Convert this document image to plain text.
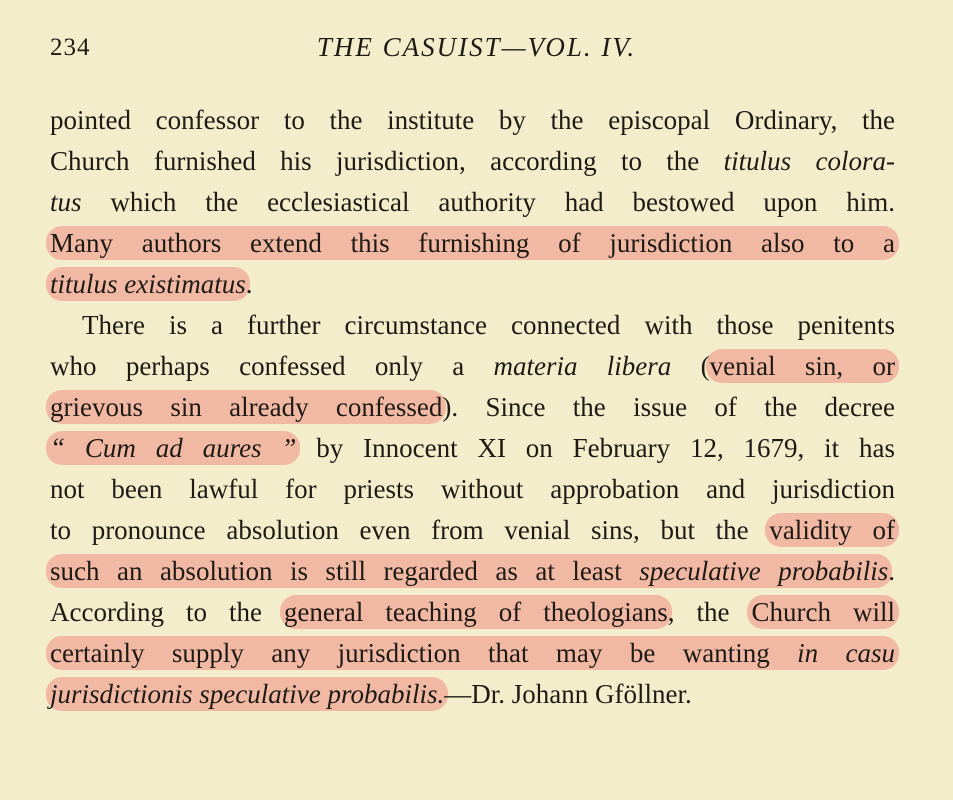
234	THE CASUIST—VOL. IV.
pointed confessor to the institute by the episcopal Ordinary, the
Church furnished his jurisdiction, according to the titulus colora-
tus which the ecclesiastical authority had bestowed upon him.
Many authors extend this furnishing of jurisdiction also to a
titulus existimatus.
There is a further circumstance connected with those penitents
who perhaps confessed only a materia libera (venial sin, or
grievous sin already confessed). Since the issue of the decree
“ Cum ad aures ” by Innocent XI on February 12, 1679, it has
not been lawful for priests without approbation and jurisdiction
to pronounce absolution even from venial sins, but the validity of
such an absolution is still regarded as at least speculative probabilis.
According to the general teaching of theologians, the Church will
certainly supply any jurisdiction that may be wanting in casu
jurisdictionis speculative probabilis.—Dr. Johann Gföllner.
